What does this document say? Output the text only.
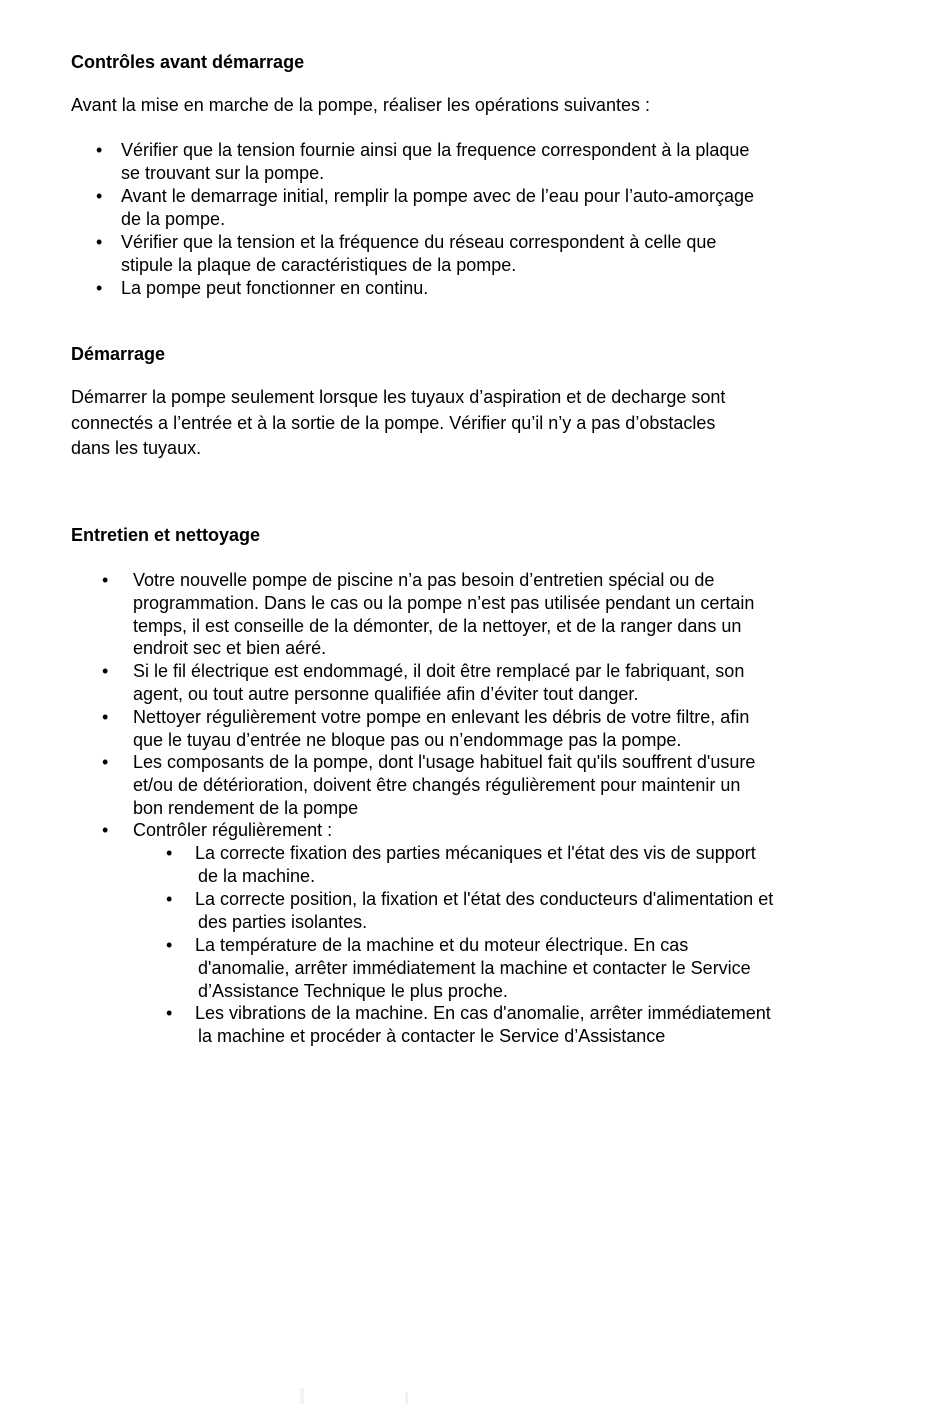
Contrôles avant démarrage

Avant la mise en marche de la pompe, réaliser les opérations suivantes :

• Vérifier que la tension fournie ainsi que la frequence correspondent à la plaque
se trouvant sur la pompe.
• Avant le demarrage initial, remplir la pompe avec de l’eau pour l’auto-amorçage
de la pompe.
• Vérifier que la tension et la fréquence du réseau correspondent à celle que
stipule la plaque de caractéristiques de la pompe.
• La pompe peut fonctionner en continu.
Démarrage
Démarrer la pompe seulement lorsque les tuyaux d’aspiration et de decharge sont
connectés a l’entrée et à la sortie de la pompe. Vérifier qu’il n’y a pas d’obstacles
dans les tuyaux.
Entretien et nettoyage
• Votre nouvelle pompe de piscine n’a pas besoin d’entretien spécial ou de
programmation. Dans le cas ou la pompe n’est pas utilisée pendant un certain
temps, il est conseille de la démonter, de la nettoyer, et de la ranger dans un
endroit sec et bien aéré.
• Si le fil électrique est endommagé, il doit être remplacé par le fabriquant, son
agent, ou tout autre personne qualifiée afin d’éviter tout danger.
• Nettoyer régulièrement votre pompe en enlevant les débris de votre filtre, afin
que le tuyau d’entrée ne bloque pas ou n’endommage pas la pompe.
• Les composants de la pompe, dont l'usage habituel fait qu'ils souffrent d'usure
et/ou de détérioration, doivent être changés régulièrement pour maintenir un
bon rendement de la pompe
• Contrôler régulièrement :
• La correcte fixation des parties mécaniques et l'état des vis de support
de la machine.
• La correcte position, la fixation et l'état des conducteurs d'alimentation et
des parties isolantes.
• La température de la machine et du moteur électrique. En cas
d'anomalie, arrêter immédiatement la machine et contacter le Service
d’Assistance Technique le plus proche.
• Les vibrations de la machine. En cas d'anomalie, arrêter immédiatement
la machine et procéder à contacter le Service d’Assistance
